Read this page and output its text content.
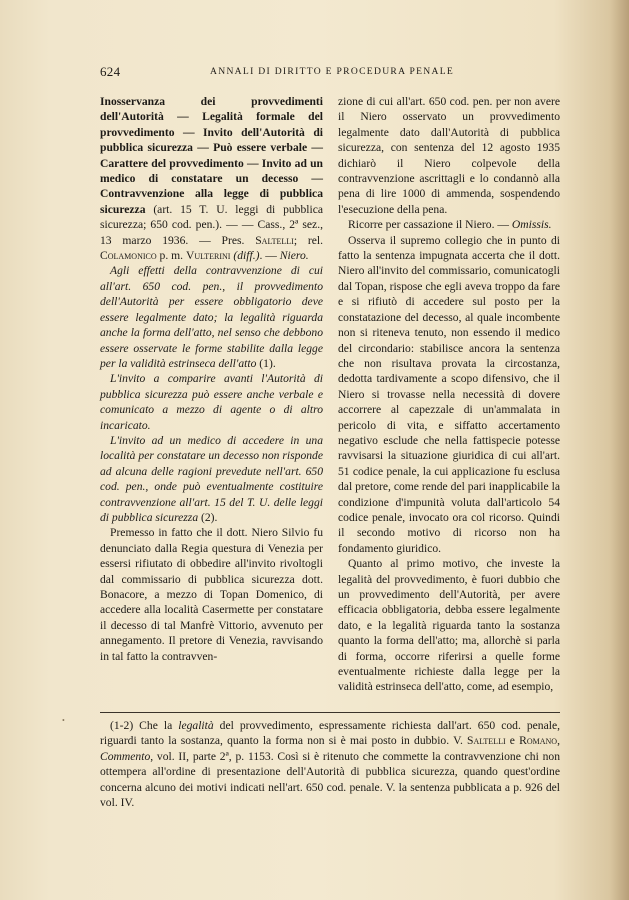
624	ANNALI DI DIRITTO E PROCEDURA PENALE

Inosservanza dei provvedimenti dell'Autorità — Legalità formale del provvedimento — Invito dell'Autorità di pubblica sicurezza — Può essere verbale — Carattere del provvedimento — Invito ad un medico di constatare un decesso — Contravvenzione alla legge di pubblica sicurezza (art. 15 T. U. leggi di pubblica sicurezza; 650 cod. pen.). — — Cass., 2ª sez., 13 marzo 1936. — Pres. Saltelli; rel. Colamonico p. m. Vulterini (diff.). — Niero.

Agli effetti della contravvenzione di cui all'art. 650 cod. pen., il provvedimento dell'Autorità per essere obbligatorio deve essere legalmente dato; la legalità riguarda anche la forma dell'atto, nel senso che debbono essere osservate le forme stabilite dalla legge per la validità estrinseca dell'atto (1).

L'invito a comparire avanti l'Autorità di pubblica sicurezza può essere anche verbale e comunicato a mezzo di agente o di altro incaricato.

L'invito ad un medico di accedere in una località per constatare un decesso non risponde ad alcuna delle ragioni prevedute nell'art. 650 cod. pen., onde può eventualmente costituire contravvenzione all'art. 15 del T. U. delle leggi di pubblica sicurezza (2).

Premesso in fatto che il dott. Niero Silvio fu denunciato dalla Regia questura di Venezia per essersi rifiutato di obbedire all'invito rivoltogli dal commissario di pubblica sicurezza dott. Bonacore, a mezzo di Topan Domenico, di accedere alla località Casermette per constatare il decesso di tal Manfrè Vittorio, avvenuto per annegamento. Il pretore di Venezia, ravvisando in tal fatto la contravven-

zione di cui all'art. 650 cod. pen. per non avere il Niero osservato un provvedimento legalmente dato dall'Autorità di pubblica sicurezza, con sentenza del 12 agosto 1935 dichiarò il Niero colpevole della contravvenzione ascrittagli e lo condannò alla pena di lire 1000 di ammenda, sospendendo l'esecuzione della pena.

Ricorre per cassazione il Niero. — Omissis.

Osserva il supremo collegio che in punto di fatto la sentenza impugnata accerta che il dott. Niero all'invito del commissario, comunicatogli dal Topan, rispose che egli aveva troppo da fare e si rifiutò di accedere sul posto per la constatazione del decesso, al quale incombente non si riteneva tenuto, non essendo il medico del circondario: stabilisce ancora la sentenza che non risultava provata la circostanza, dedotta tardivamente a scopo difensivo, che il Niero si trovasse nella necessità di dovere accorrere al capezzale di un'ammalata in pericolo di vita, e siffatto accertamento negativo esclude che nella fattispecie potesse ravvisarsi la situazione giuridica di cui all'art. 51 codice penale, la cui applicazione fu esclusa dal pretore, come rende del pari inapplicabile la condizione d'impunità voluta dall'articolo 54 codice penale, invocato ora col ricorso. Quindi il secondo motivo di ricorso non ha fondamento giuridico.

Quanto al primo motivo, che investe la legalità del provvedimento, è fuori dubbio che un provvedimento dell'Autorità, per avere efficacia obbligatoria, debba essere legalmente dato, e la legalità riguarda tanto la sostanza quanto la forma dell'atto; ma, allorchè si parla di forma, occorre riferirsi a quelle forme eventualmente richieste dalla legge per la validità estrinseca dell'atto, come, ad esempio,

•	(1-2) Che la legalità del provvedimento, espressamente richiesta dall'art. 650 cod. penale, riguardi tanto la sostanza, quanto la forma non si è mai posto in dubbio. V. Saltelli e Romano, Commento, vol. II, parte 2ª, p. 1153. Così si è ritenuto che commette la contravvenzione chi non ottempera all'ordine di presentazione dell'Autorità di pubblica sicurezza, quando quest'ordine concerna alcuno dei motivi indicati nell'art. 650 cod. penale. V. la sentenza pubblicata a p. 926 del vol. IV.
